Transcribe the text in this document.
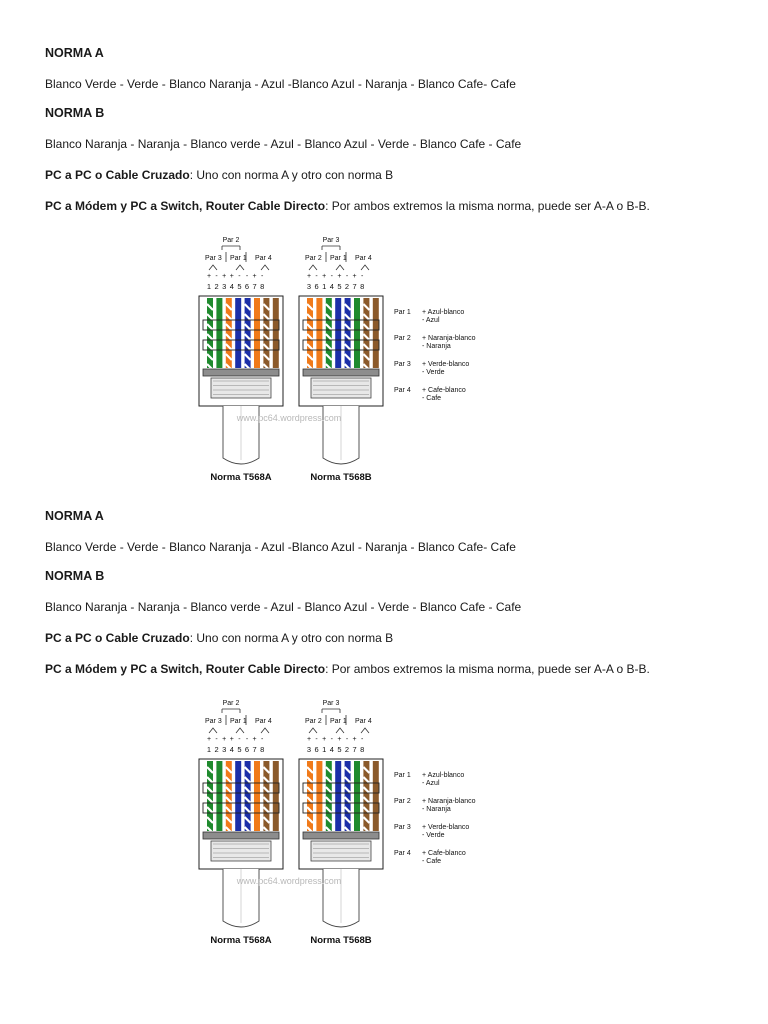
NORMA A
Blanco Verde - Verde - Blanco Naranja - Azul -Blanco Azul - Naranja - Blanco Cafe- Cafe
NORMA B
Blanco Naranja - Naranja - Blanco verde - Azul - Blanco Azul - Verde - Blanco Cafe - Cafe
PC a PC o Cable Cruzado: Uno con norma A y otro con norma B
PC a Módem y PC a Switch, Router Cable Directo: Por ambos extremos la misma norma, puede ser A-A o B-B.
Par 2
Par 3 Par 1 Par 4
+ - + + - - + -
1 2 3 4 5 6 7 8
Norma T568A
Par 3
Par 2 Par 1 Par 4
+ - + - + - + -
3 6 1 4 5 2 7 8
Norma T568B
www.pc64.wordpress.com
Par 1 + Azul-blanco
- Azul
Par 2 + Naranja-blanco
- Naranja
Par 3 + Verde-blanco
- Verde
Par 4 + Cafe-blanco
- Cafe
NORMA A
Blanco Verde - Verde - Blanco Naranja - Azul -Blanco Azul - Naranja - Blanco Cafe- Cafe
NORMA B
Blanco Naranja - Naranja - Blanco verde - Azul - Blanco Azul - Verde - Blanco Cafe - Cafe
PC a PC o Cable Cruzado: Uno con norma A y otro con norma B
PC a Módem y PC a Switch, Router Cable Directo: Por ambos extremos la misma norma, puede ser A-A o B-B.
Par 2
Par 3 Par 1 Par 4
+ - + + - - + -
1 2 3 4 5 6 7 8
Norma T568A
Par 3
Par 2 Par 1 Par 4
+ - + - + - + -
3 6 1 4 5 2 7 8
Norma T568B
www.pc64.wordpress.com
Par 1 + Azul-blanco
- Azul
Par 2 + Naranja-blanco
- Naranja
Par 3 + Verde-blanco
- Verde
Par 4 + Cafe-blanco
- Cafe
